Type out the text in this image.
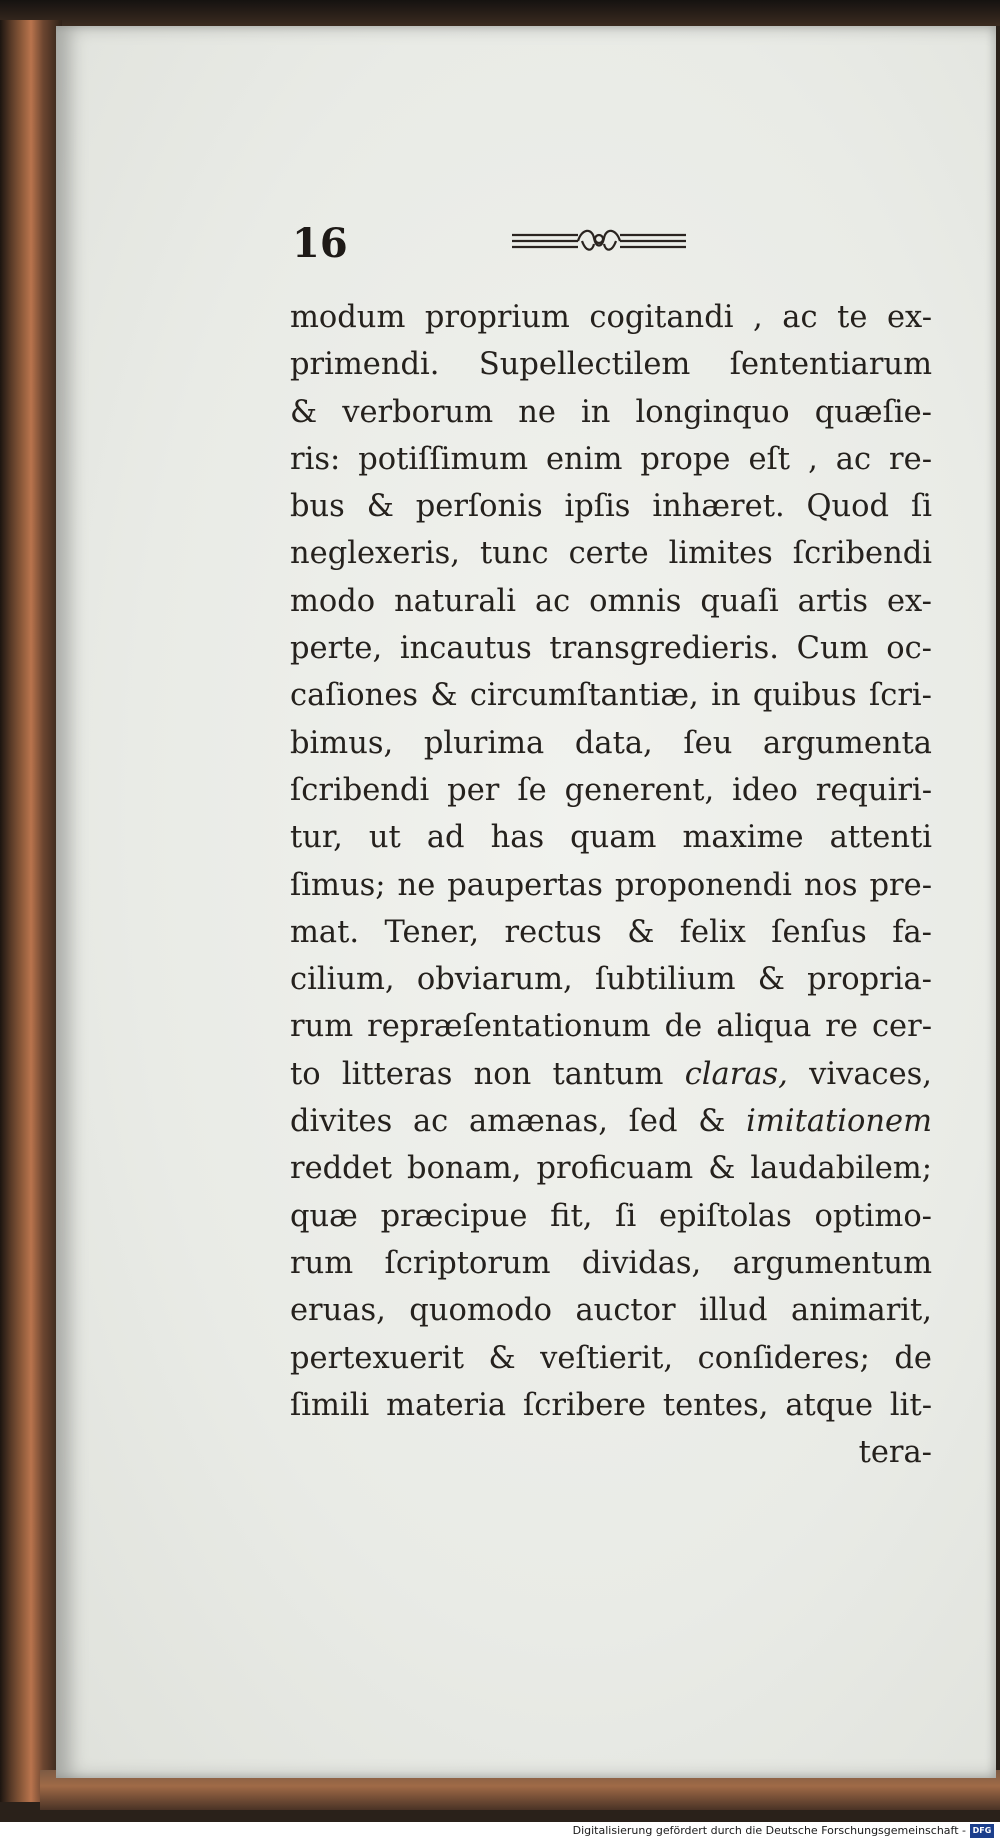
16
modum proprium cogitandi , ac te ex-
primendi. Supellectilem ſententiarum
& verborum ne in longinquo quæſie-
ris: potiſſimum enim prope eſt , ac re-
bus & perſonis ipſis inhæret. Quod ſi
neglexeris, tunc certe limites ſcribendi
modo naturali ac omnis quaſi artis ex-
perte, incautus transgredieris. Cum oc-
caſiones & circumſtantiæ, in quibus ſcri-
bimus, plurima data, ſeu argumenta
ſcribendi per ſe generent, ideo requiri-
tur, ut ad has quam maxime attenti
ſimus; ne paupertas proponendi nos pre-
mat. Tener, rectus & felix ſenſus fa-
cilium, obviarum, ſubtilium & propria-
rum repræſentationum de aliqua re cer-
to litteras non tantum claras, vivaces,
divites ac amænas, ſed & imitationem
reddet bonam, proficuam & laudabilem;
quæ præcipue fit, ſi epiſtolas optimo-
rum ſcriptorum dividas, argumentum
eruas, quomodo auctor illud animarit,
pertexuerit & veſtierit, conſideres; de
ſimili materia ſcribere tentes, atque lit-
tera-
Digitalisierung gefördert durch die Deutsche Forschungsgemeinschaft - DFG
